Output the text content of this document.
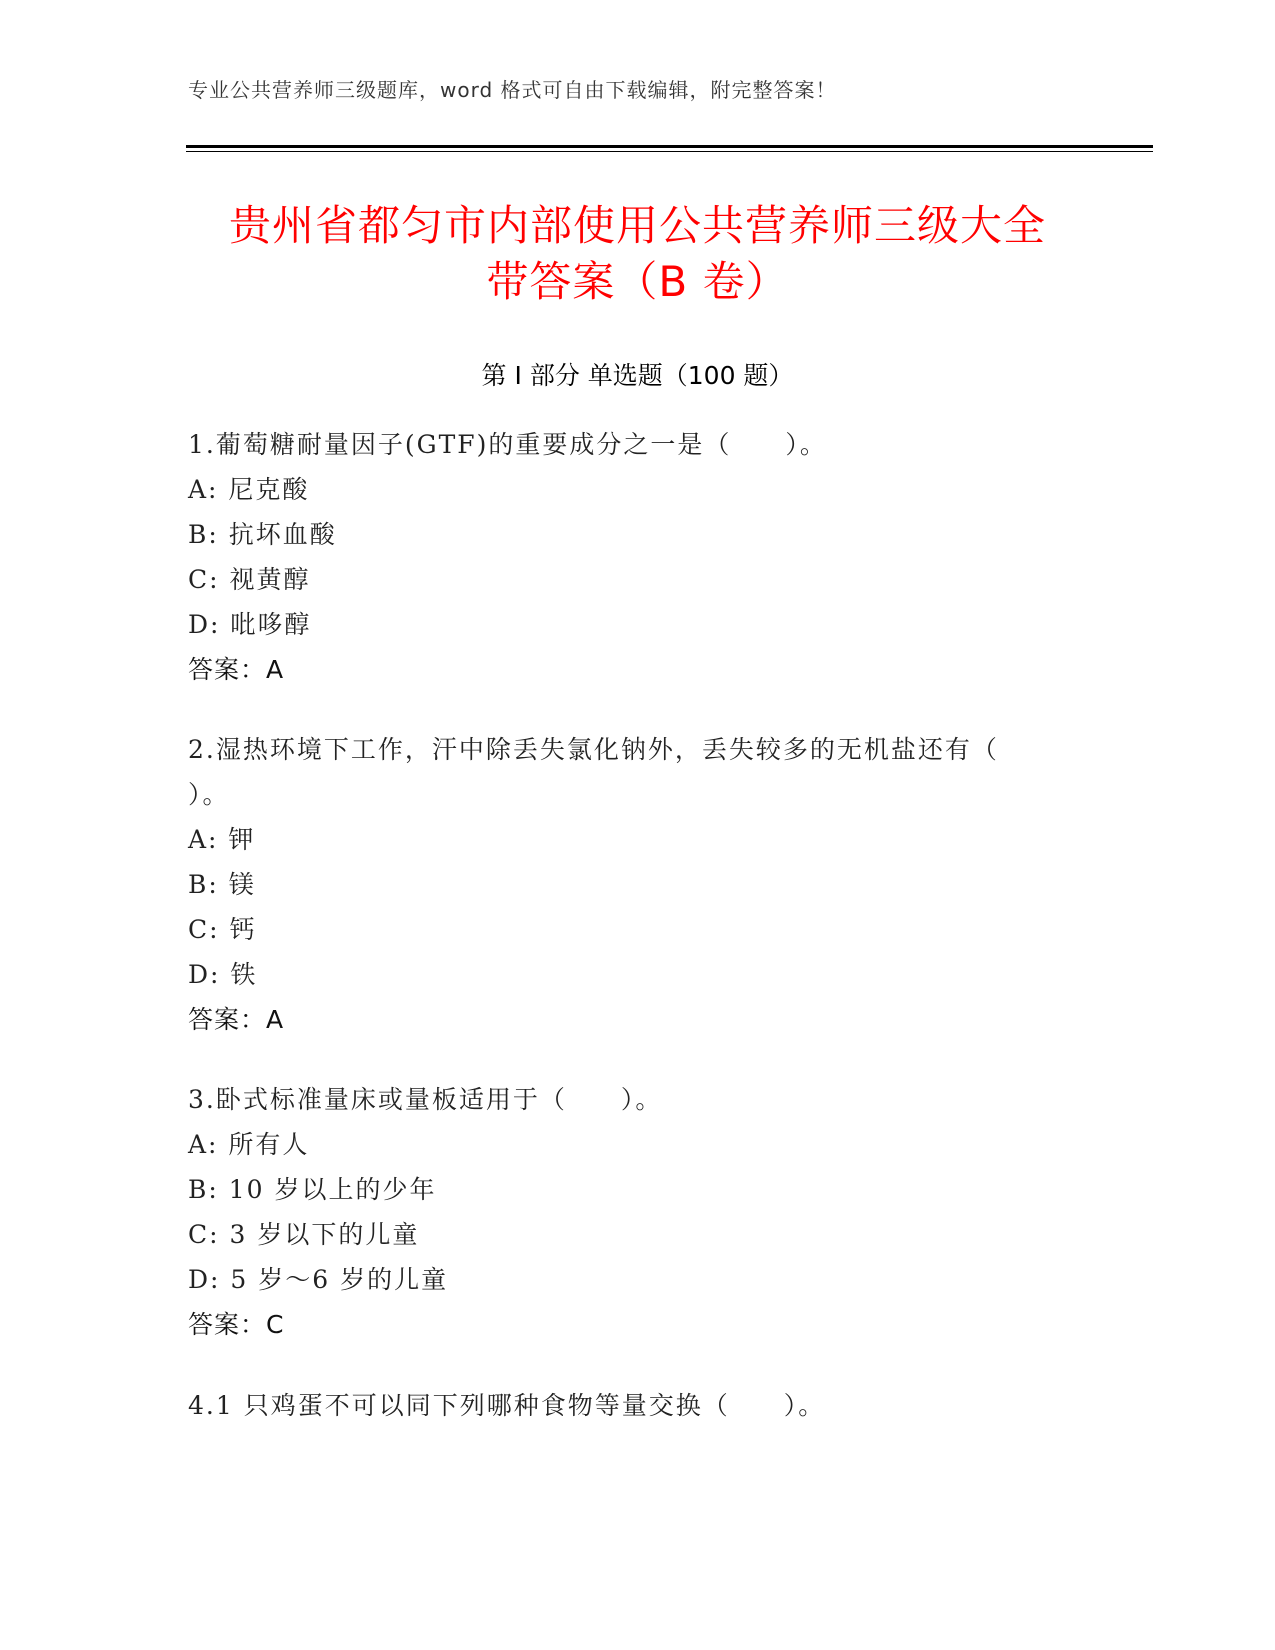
专业公共营养师三级题库，word 格式可自由下载编辑，附完整答案！
贵州省都匀市内部使用公共营养师三级大全
带答案（B 卷）
第 I 部分 单选题（100 题）

1.葡萄糖耐量因子(GTF)的重要成分之一是（　　）。

A: 尼克酸

B: 抗坏血酸

C: 视黄醇

D: 吡哆醇

答案：A

2.湿热环境下工作，汗中除丢失氯化钠外，丢失较多的无机盐还有（

）。

A: 钾

B: 镁

C: 钙

D: 铁

答案：A

3.卧式标准量床或量板适用于（　　）。

A: 所有人

B: 10 岁以上的少年

C: 3 岁以下的儿童

D: 5 岁～6 岁的儿童

答案：C

4.1 只鸡蛋不可以同下列哪种食物等量交换（　　）。
